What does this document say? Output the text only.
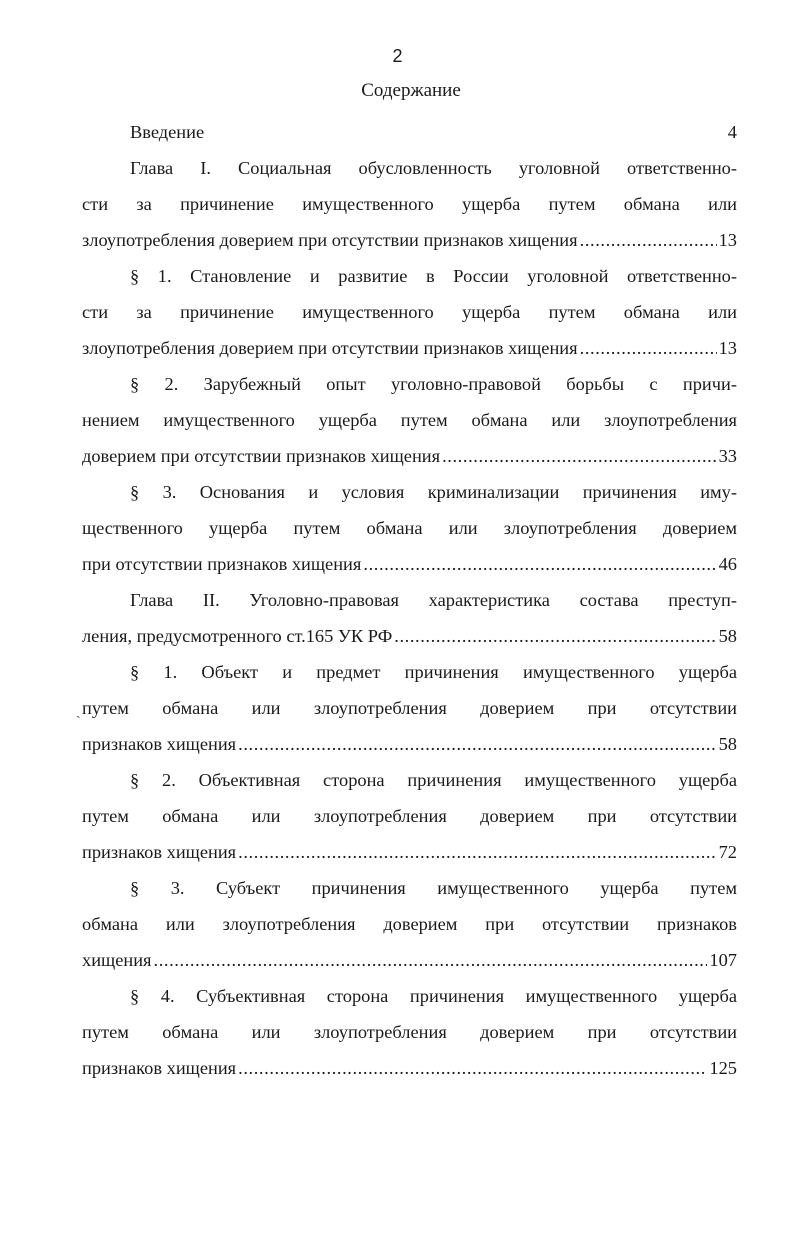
2
Содержание
Введение	4
Глава I. Социальная обусловленность уголовной ответственно-
сти за причинение имущественного ущерба путем обмана или
злоупотребления доверием при отсутствии признаков хищения .....	13
§ 1. Становление и развитие в России уголовной ответственно-
сти за причинение имущественного ущерба путем обмана или
злоупотребления доверием при отсутствии признаков хищения .....	13
§ 2. Зарубежный опыт уголовно-правовой борьбы с причи-
нением имущественного ущерба путем обмана или злоупотребления
доверием при отсутствии признаков хищения .....	33
§ 3. Основания и условия криминализации причинения иму-
щественного ущерба путем обмана или злоупотребления доверием
при отсутствии признаков хищения .....	46
Глава II. Уголовно-правовая характеристика состава преступ-
ления, предусмотренного ст.165 УК РФ .....	58
§ 1. Объект и предмет причинения имущественного ущерба
путем обмана или злоупотребления доверием при отсутствии
признаков хищения .....	58
§ 2. Объективная сторона причинения имущественного ущерба
путем обмана или злоупотребления доверием при отсутствии
признаков хищения .....	72
§ 3. Субъект причинения имущественного ущерба путем
обмана или злоупотребления доверием при отсутствии признаков
хищения .....	107
§ 4. Субъективная сторона причинения имущественного ущерба
путем обмана или злоупотребления доверием при отсутствии
признаков хищения .....	125
ˎ
